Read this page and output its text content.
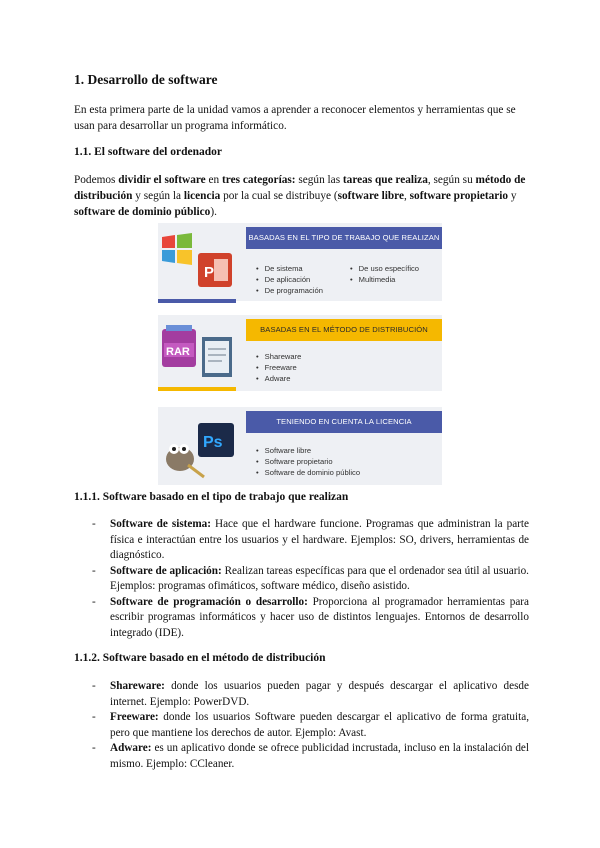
1. Desarrollo de software
En esta primera parte de la unidad vamos a aprender a reconocer elementos y herramientas que se usan para desarrollar un programa informático.
1.1. El software del ordenador
Podemos dividir el software en tres categorías: según las tareas que realiza, según su método de distribución y según la licencia por la cual se distribuye (software libre, software propietario y software de dominio público).
BASADAS EN EL TIPO DE TRABAJO QUE REALIZAN
• De sistema
• De aplicación
• De programación
• De uso específico
• Multimedia
P
BASADAS EN EL MÉTODO DE DISTRIBUCIÓN
• Shareware
• Freeware
• Adware
RAR
TENIENDO EN CUENTA LA LICENCIA
• Software libre
• Software propietario
• Software de dominio público
Ps
1.1.1. Software basado en el tipo de trabajo que realizan
- Software de sistema: Hace que el hardware funcione. Programas que administran la parte física e interactúan entre los usuarios y el hardware. Ejemplos: SO, drivers, herramientas de diagnóstico.
- Software de aplicación: Realizan tareas específicas para que el ordenador sea útil al usuario. Ejemplos: programas ofimáticos, software médico, diseño asistido.
- Software de programación o desarrollo: Proporciona al programador herramientas para escribir programas informáticos y hacer uso de distintos lenguajes. Entornos de desarrollo integrado (IDE).
1.1.2. Software basado en el método de distribución
- Shareware: donde los usuarios pueden pagar y después descargar el aplicativo desde internet. Ejemplo: PowerDVD.
- Freeware: donde los usuarios Software pueden descargar el aplicativo de forma gratuita, pero que mantiene los derechos de autor. Ejemplo: Avast.
- Adware: es un aplicativo donde se ofrece publicidad incrustada, incluso en la instalación del mismo. Ejemplo: CCleaner.
